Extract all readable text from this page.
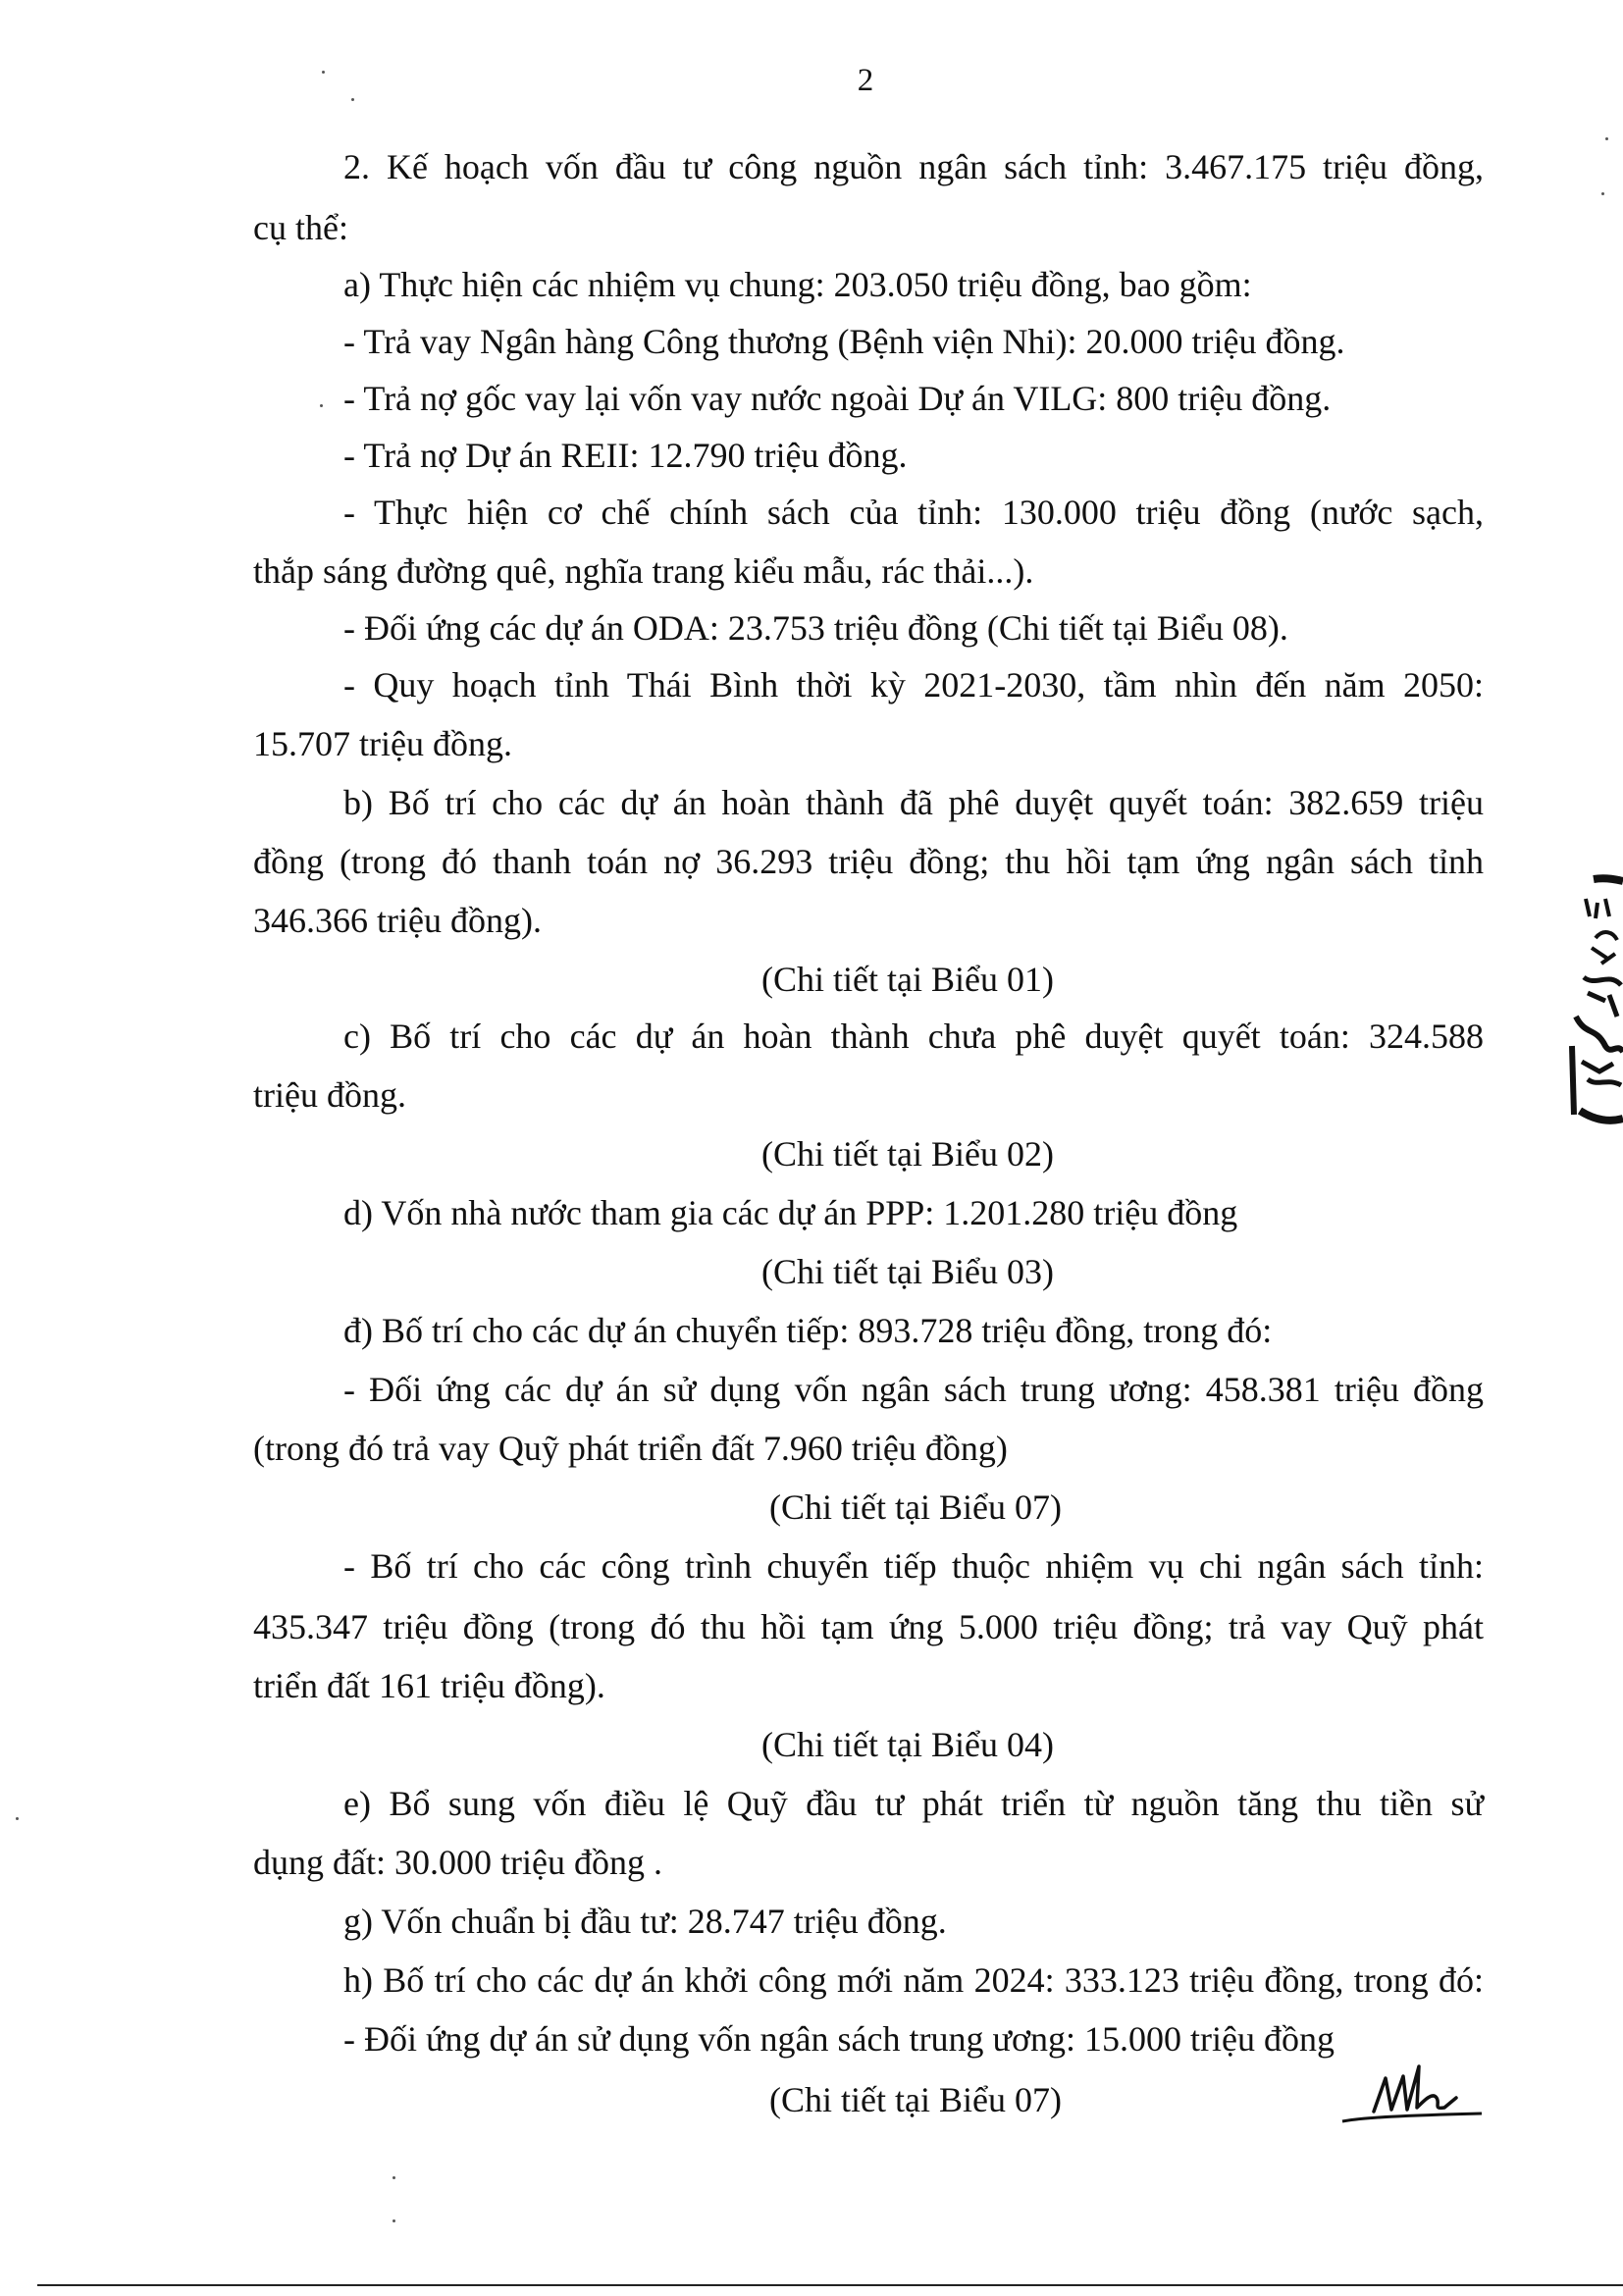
2
2. Kế hoạch vốn đầu tư công nguồn ngân sách tỉnh: 3.467.175 triệu đồng,
cụ thể:
a) Thực hiện các nhiệm vụ chung: 203.050 triệu đồng, bao gồm:
- Trả vay Ngân hàng Công thương (Bệnh viện Nhi): 20.000 triệu đồng.
- Trả nợ gốc vay lại vốn vay nước ngoài Dự án VILG: 800 triệu đồng.
- Trả nợ Dự án REII: 12.790 triệu đồng.
- Thực hiện cơ chế chính sách của tỉnh: 130.000 triệu đồng (nước sạch,
thắp sáng đường quê, nghĩa trang kiểu mẫu, rác thải...).
- Đối ứng các dự án ODA: 23.753 triệu đồng (Chi tiết tại Biểu 08).
- Quy hoạch tỉnh Thái Bình thời kỳ 2021-2030, tầm nhìn đến năm 2050:
15.707 triệu đồng.
b) Bố trí cho các dự án hoàn thành đã phê duyệt quyết toán: 382.659 triệu
đồng (trong đó thanh toán nợ 36.293 triệu đồng; thu hồi tạm ứng ngân sách tỉnh
346.366 triệu đồng).
(Chi tiết tại Biểu 01)
c) Bố trí cho các dự án hoàn thành chưa phê duyệt quyết toán: 324.588
triệu đồng.
(Chi tiết tại Biểu 02)
d) Vốn nhà nước tham gia các dự án PPP: 1.201.280 triệu đồng
(Chi tiết tại Biểu 03)
đ) Bố trí cho các dự án chuyển tiếp: 893.728 triệu đồng, trong đó:
- Đối ứng các dự án sử dụng vốn ngân sách trung ương: 458.381 triệu đồng
(trong đó trả vay Quỹ phát triển đất 7.960 triệu đồng)
(Chi tiết tại Biểu 07)
- Bố trí cho các công trình chuyển tiếp thuộc nhiệm vụ chi ngân sách tỉnh:
435.347 triệu đồng (trong đó thu hồi tạm ứng 5.000 triệu đồng; trả vay Quỹ phát
triển đất 161 triệu đồng).
(Chi tiết tại Biểu 04)
e) Bổ sung vốn điều lệ Quỹ đầu tư phát triển từ nguồn tăng thu tiền sử
dụng đất: 30.000 triệu đồng .
g) Vốn chuẩn bị đầu tư: 28.747 triệu đồng.
h) Bố trí cho các dự án khởi công mới năm 2024: 333.123 triệu đồng, trong đó:
- Đối ứng dự án sử dụng vốn ngân sách trung ương: 15.000 triệu đồng
(Chi tiết tại Biểu 07)
